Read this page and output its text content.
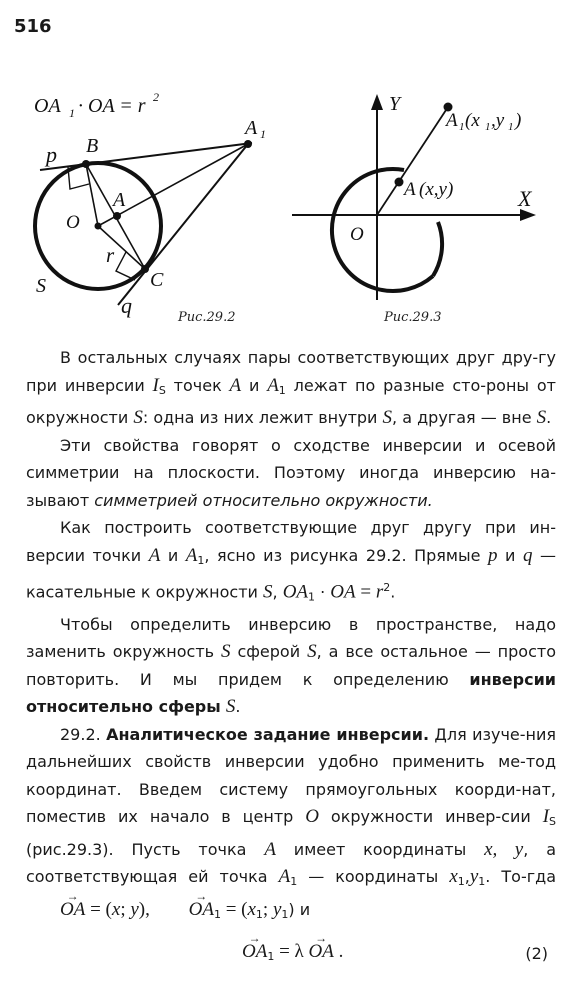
516
OA 1 · OA = r 2
p B
A 1
A
O
r
C
S
q	Рис.29.2
Y
X
O
A 1 (x 1 ,y 1 )
A (x,y)
Рис.29.3

В остальных случаях пары соответствующих друг дру-гу при инверсии $I_S$ точек A и $A_1$ лежат по разные сто-роны от окружности S: одна из них лежит внутри S, а другая — вне S.

Эти свойства говорят о сходстве инверсии и осевой симметрии на плоскости. Поэтому иногда инверсию на-зывают симметрией относительно окружности.

Как построить соответствующие друг другу при ин-версии точки A и $A_1$, ясно из рисунка 29.2. Прямые p и q — касательные к окружности S, $OA_1$ · OA = $r^2$.

Чтобы определить инверсию в пространстве, надо заменить окружность S сферой S, а все остальное — просто повторить. И мы придем к определению инверсии относительно сферы S.

29.2. Аналитическое задание инверсии. Для изуче-ния дальнейших свойств инверсии удобно применить ме-тод координат. Введем систему прямоугольных коорди-нат, поместив их начало в центр O окружности инвер-сии $I_S$ (рис.29.3). Пусть точка A имеет координаты x, y, а соответствующая ей точка $A_1$ — координаты $x_1,y_1$. То-гда → OA = (x; y), → $OA_1 = (x_1$; $y_1$) и

→ $OA_1 = \lambda$ → OA .	(2)
